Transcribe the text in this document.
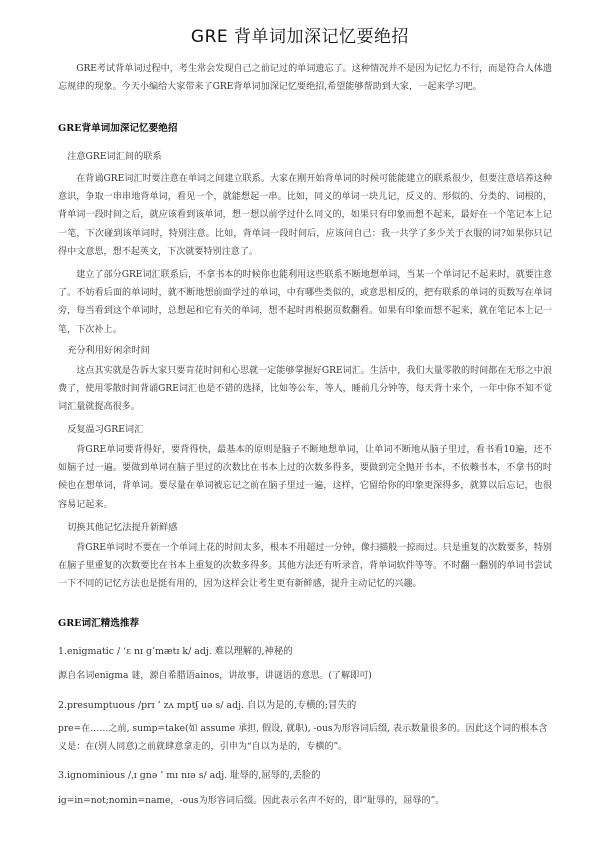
GRE 背单词加深记忆要绝招
GRE考试背单词过程中，考生常会发现自己之前记过的单词遗忘了。这种情况并不是因为记忆力不行，而是符合人体遗忘规律的现象。今天小编给大家带来了GRE背单词加深记忆要绝招,希望能够帮助到大家，一起来学习吧。
GRE背单词加深记忆要绝招
注意GRE词汇间的联系
在背诵GRE词汇时要注意在单词之间建立联系。大家在刚开始背单词的时候可能能建立的联系很少，但要注意培养这种意识，争取一串串地背单词，看见一个，就能想起一串。比如，同义的单词一块儿记，反义的、形似的、分类的、词根的，背单词一段时间之后，就应该看到该单词，想一想以前学过什么同义的，如果只有印象而想不起来，最好在一个笔记本上记一笔，下次碰到该单词时，特别注意。比如，背单词一段时间后，应该问自己：我一共学了多少关于衣服的词?如果你只记得中文意思，想不起英文，下次就要特别注意了。
建立了部分GRE词汇联系后，不拿书本的时候你也能利用这些联系不断地想单词，当某一个单词记不起来时，就要注意了。不妨看后面的单词时，就不断地想前面学过的单词，中有哪些类似的，或意思相反的，把有联系的单词的页数写在单词旁，每当看到这个单词时，总想起和它有关的单词，想不起时再根据页数翻看。如果有印象而想不起来，就在笔记本上记一笔，下次补上。
充分利用好闲余时间
这点其实就是告诉大家只要肯花时间和心思就一定能够掌握好GRE词汇。生活中，我们大量零散的时间都在无形之中浪费了，使用零散时间背诵GRE词汇也是不错的选择，比如等公车，等人，睡前几分钟等，每天背十来个，一年中你不知不觉词汇量就提高很多。
反复温习GRE词汇
背GRE单词要背得好，要背得快，最基本的原则是脑子不断地想单词，让单词不断地从脑子里过，看书看10遍，还不如脑子过一遍。要做到单词在脑子里过的次数比在书本上过的次数多得多，要做到完全抛开书本，不依赖书本，不拿书的时候也在想单词，背单词。要尽量在单词被忘记之前在脑子里过一遍，这样，它留给你的印象更深得多，就算以后忘记，也很容易记起来。
切换其他记忆法提升新鲜感
背GRE单词时不要在一个单词上花的时间太多，根本不用超过一分钟，像扫描般一掠而过。只是重复的次数要多，特别在脑子里重复的次数要比在书本上重复的次数多得多。其他方法还有听录音，背单词软件等等。不时翻一翻别的单词书尝试一下不同的记忆方法也是挺有用的，因为这样会让考生更有新鲜感，提升主动记忆的兴趣。
GRE词汇精选推荐
1.enigmatic / ‘ɛ nɪ ɡ’mætɪ k/ adj. 难以理解的,神秘的
源自名词enigma 谜，源自希腊语ainos，讲故事，讲谜语的意思。(了解即可)
2.presumptuous /prɪ ’ zʌ mptʃ uə s/ adj. 自以为是的,专横的;冒失的
pre=在……之前, sump=take(如 assume 承担, 假设, 就职), -ous为形容词后缀, 表示数量很多的。因此这个词的根本含义是：在(别人同意)之前就肆意拿走的，引申为“自以为是的，专横的”。
3.ignominious /ˌɪ ɡnə ’ mɪ nɪə s/ adj. 耻辱的,屈辱的,丢脸的
ig=in=not;nomin=name，-ous为形容词后缀。因此表示名声不好的，即“耻辱的，屈辱的”。
